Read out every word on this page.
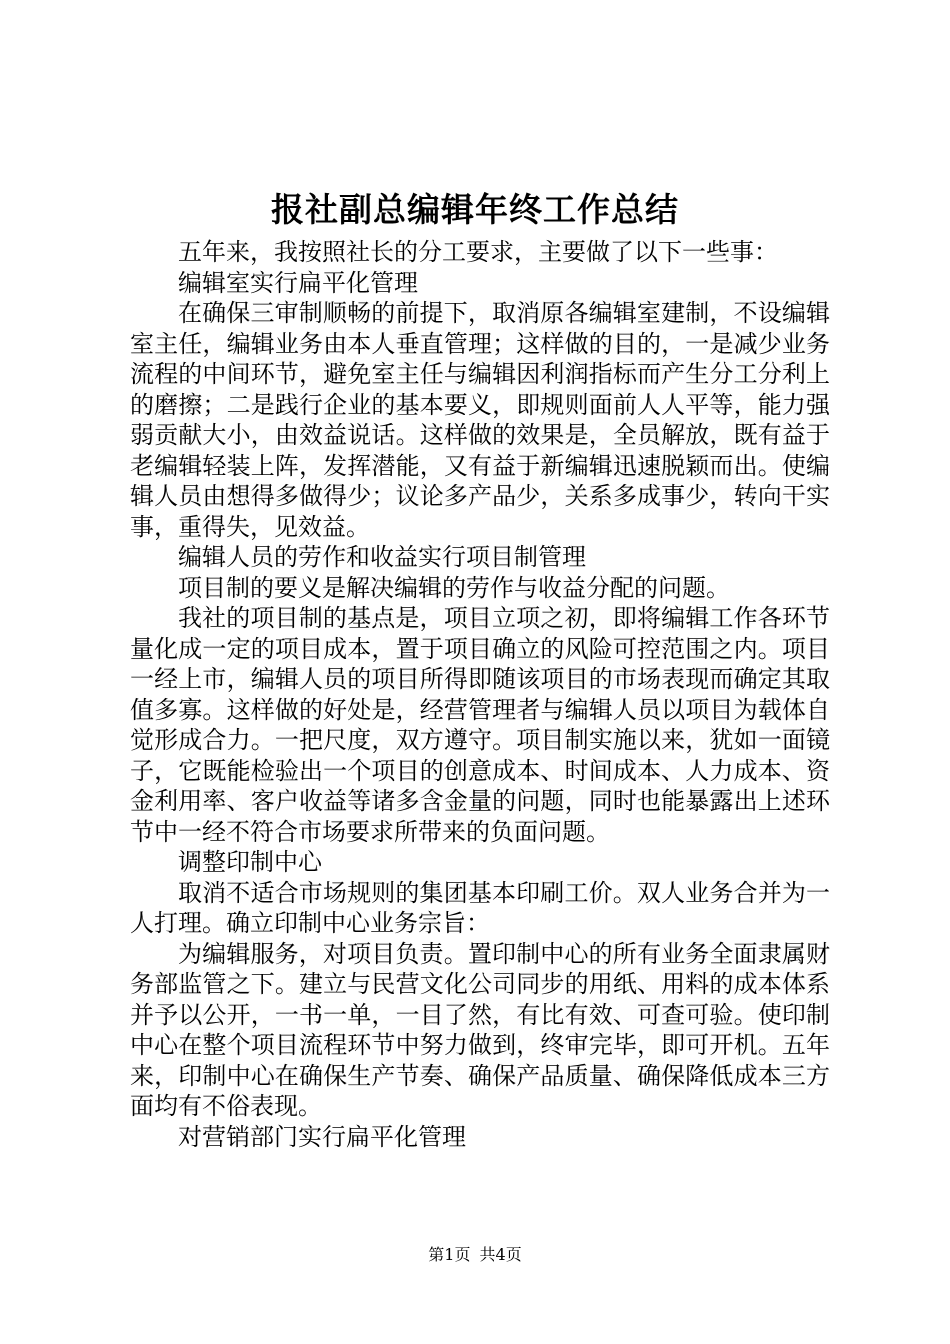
报社副总编辑年终工作总结

五年来，我按照社长的分工要求，主要做了以下一些事：

编辑室实行扁平化管理

在确保三审制顺畅的前提下，取消原各编辑室建制，不设编辑室主任，编辑业务由本人垂直管理；这样做的目的，一是减少业务流程的中间环节，避免室主任与编辑因利润指标而产生分工分利上的磨擦；二是践行企业的基本要义，即规则面前人人平等，能力强弱贡献大小，由效益说话。这样做的效果是，全员解放，既有益于老编辑轻装上阵，发挥潜能，又有益于新编辑迅速脱颖而出。使编辑人员由想得多做得少；议论多产品少，关系多成事少，转向干实事，重得失，见效益。

编辑人员的劳作和收益实行项目制管理

项目制的要义是解决编辑的劳作与收益分配的问题。

我社的项目制的基点是，项目立项之初，即将编辑工作各环节量化成一定的项目成本，置于项目确立的风险可控范围之内。项目一经上市，编辑人员的项目所得即随该项目的市场表现而确定其取值多寡。这样做的好处是，经营管理者与编辑人员以项目为载体自觉形成合力。一把尺度，双方遵守。项目制实施以来，犹如一面镜子，它既能检验出一个项目的创意成本、时间成本、人力成本、资金利用率、客户收益等诸多含金量的问题，同时也能暴露出上述环节中一经不符合市场要求所带来的负面问题。

调整印制中心

取消不适合市场规则的集团基本印刷工价。双人业务合并为一人打理。确立印制中心业务宗旨：

为编辑服务，对项目负责。置印制中心的所有业务全面隶属财务部监管之下。建立与民营文化公司同步的用纸、用料的成本体系并予以公开，一书一单，一目了然，有比有效、可查可验。使印制中心在整个项目流程环节中努力做到，终审完毕，即可开机。五年来，印制中心在确保生产节奏、确保产品质量、确保降低成本三方面均有不俗表现。

对营销部门实行扁平化管理

第1页 共4页
